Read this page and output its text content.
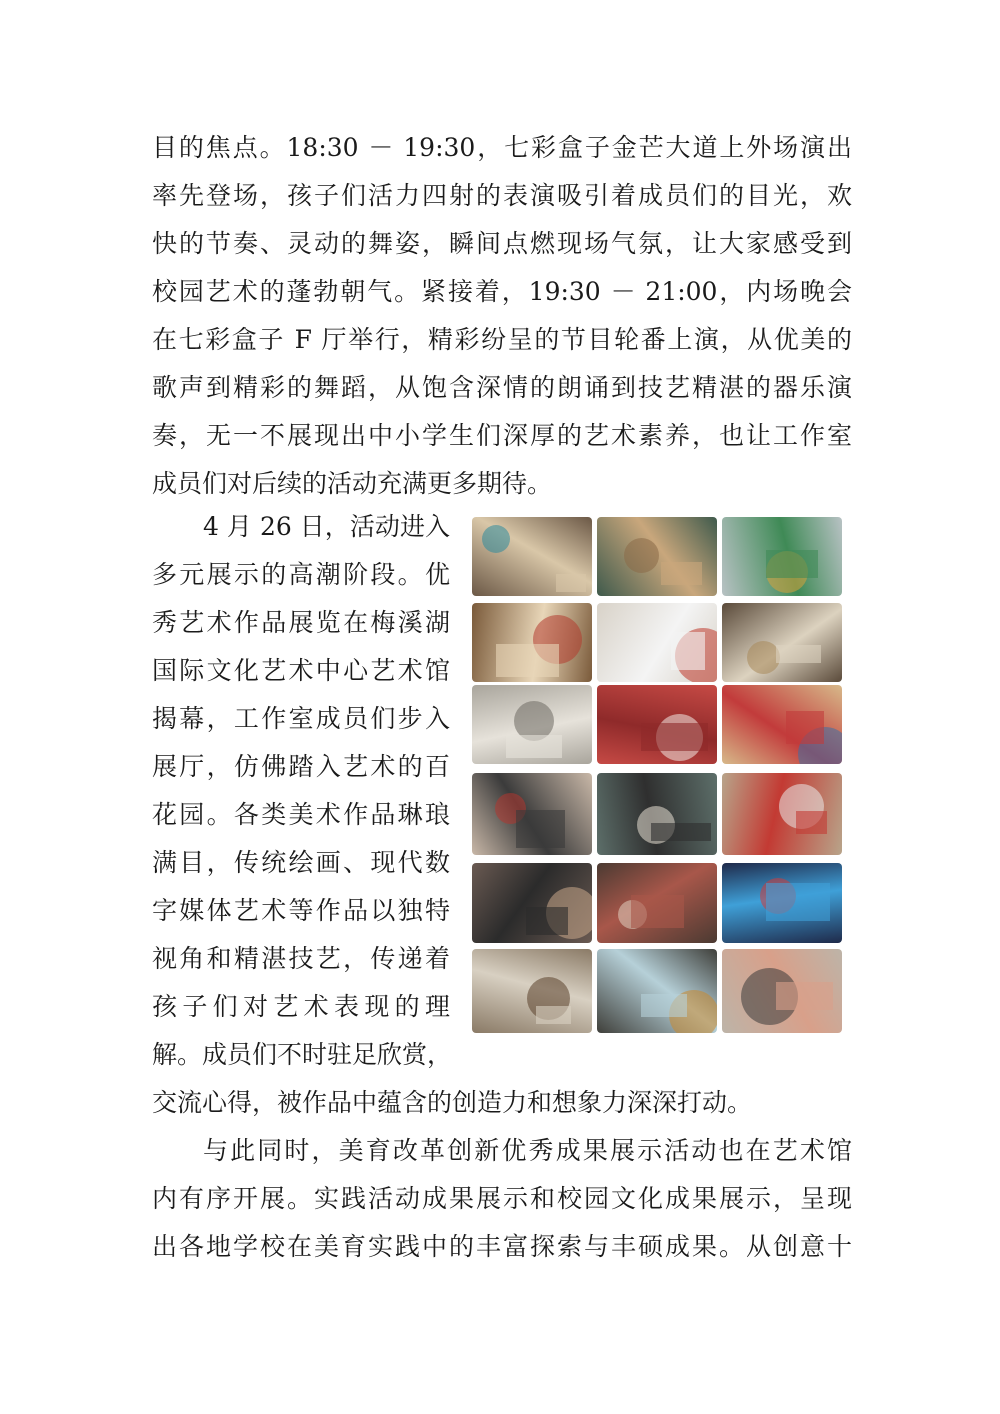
目的焦点。18:30 － 19:30，七彩盒子金芒大道上外场演出
率先登场，孩子们活力四射的表演吸引着成员们的目光，欢
快的节奏、灵动的舞姿，瞬间点燃现场气氛，让大家感受到
校园艺术的蓬勃朝气。紧接着，19:30 － 21:00，内场晚会
在七彩盒子 F 厅举行，精彩纷呈的节目轮番上演，从优美的
歌声到精彩的舞蹈，从饱含深情的朗诵到技艺精湛的器乐演
奏，无一不展现出中小学生们深厚的艺术素养，也让工作室
成员们对后续的活动充满更多期待。
4 月 26 日，活动进入
多元展示的高潮阶段。优
秀艺术作品展览在梅溪湖
国际文化艺术中心艺术馆
揭幕，工作室成员们步入
展厅，仿佛踏入艺术的百
花园。各类美术作品琳琅
满目，传统绘画、现代数
字媒体艺术等作品以独特
视角和精湛技艺，传递着
孩子们对艺术表现的理
解。成员们不时驻足欣赏，
交流心得，被作品中蕴含的创造力和想象力深深打动。
与此同时，美育改革创新优秀成果展示活动也在艺术馆
内有序开展。实践活动成果展示和校园文化成果展示，呈现
出各地学校在美育实践中的丰富探索与丰硕成果。从创意十
